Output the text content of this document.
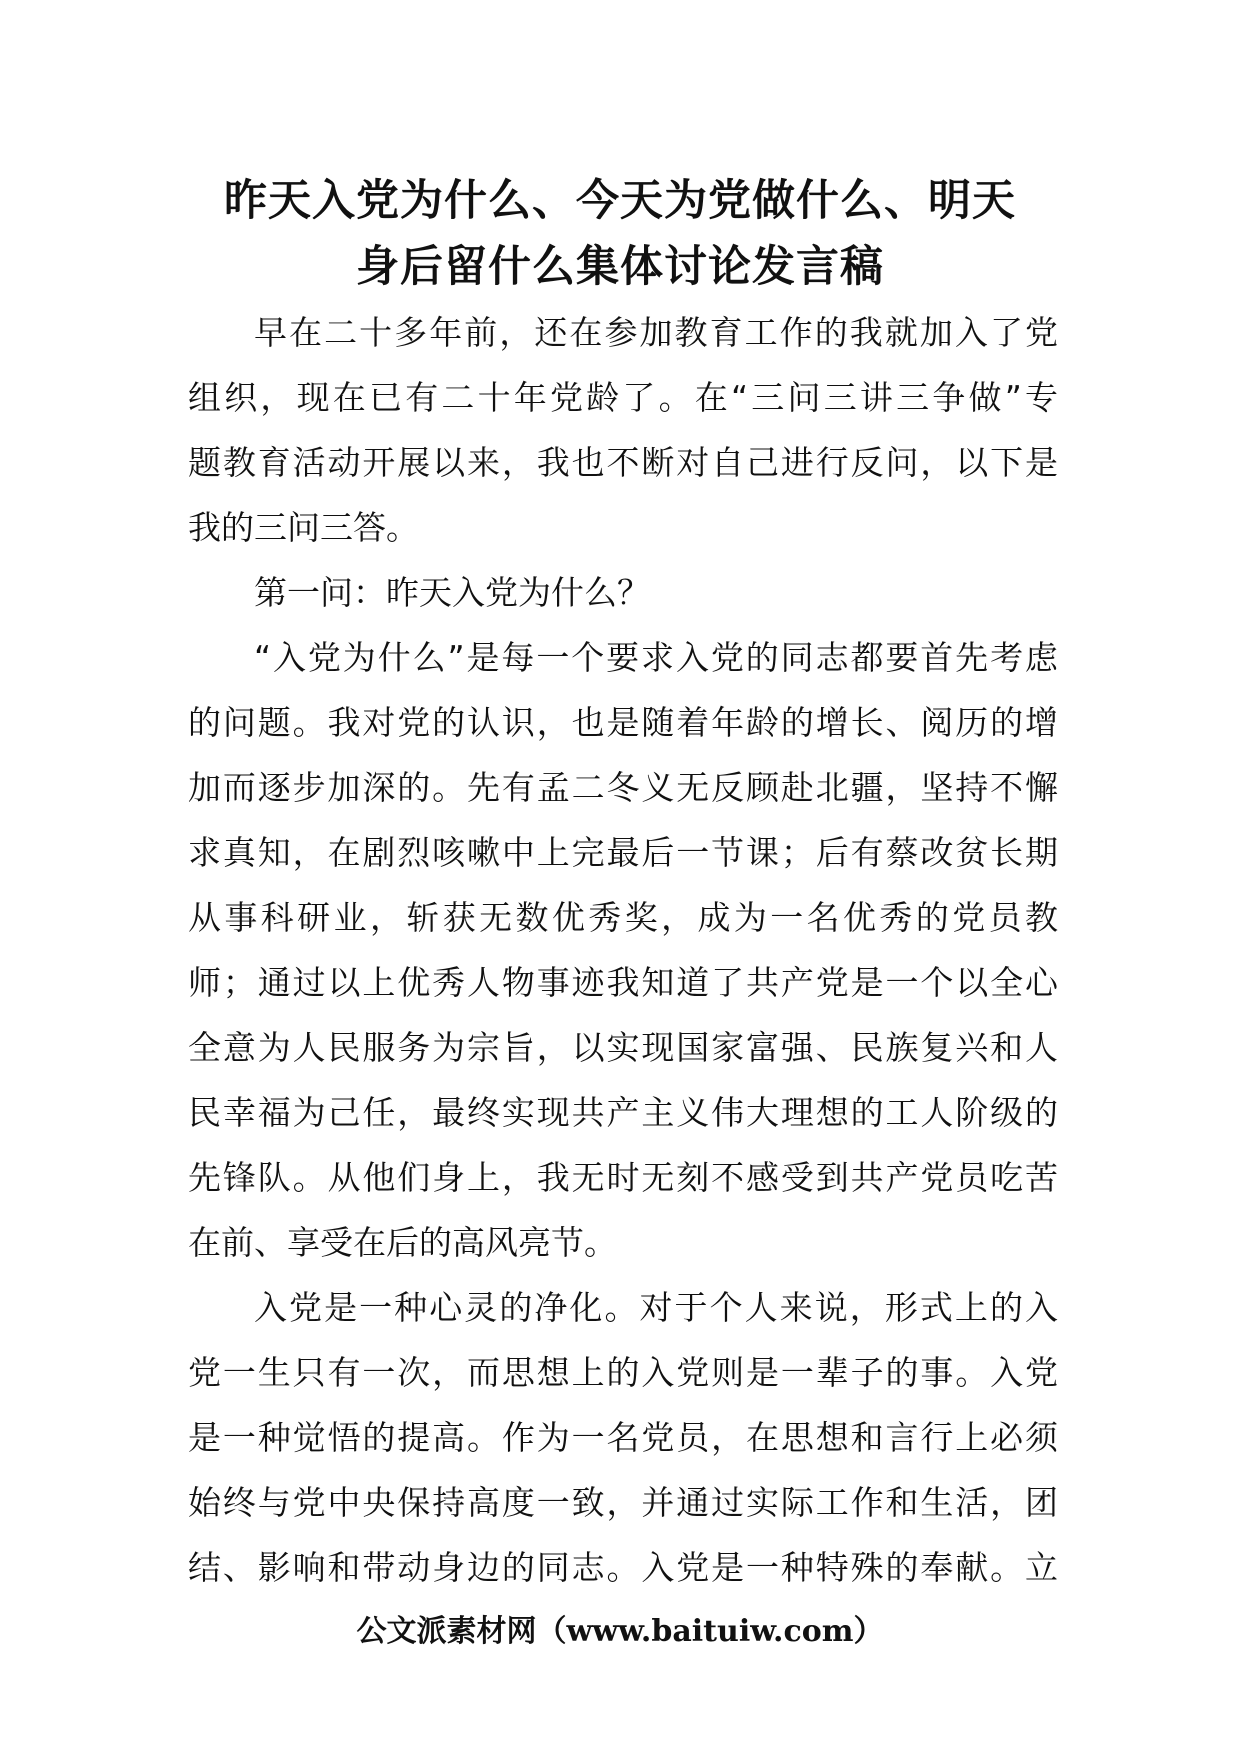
昨天入党为什么、今天为党做什么、明天
身后留什么集体讨论发言稿

早在二十多年前，还在参加教育工作的我就加入了党
组织，现在已有二十年党龄了。在“三问三讲三争做”专
题教育活动开展以来，我也不断对自己进行反问，以下是
我的三问三答。

第一问：昨天入党为什么？

“入党为什么”是每一个要求入党的同志都要首先考虑
的问题。我对党的认识，也是随着年龄的增长、阅历的增
加而逐步加深的。先有孟二冬义无反顾赴北疆，坚持不懈
求真知，在剧烈咳嗽中上完最后一节课；后有蔡改贫长期
从事科研业，斩获无数优秀奖，成为一名优秀的党员教
师；通过以上优秀人物事迹我知道了共产党是一个以全心
全意为人民服务为宗旨，以实现国家富强、民族复兴和人
民幸福为己任，最终实现共产主义伟大理想的工人阶级的
先锋队。从他们身上，我无时无刻不感受到共产党员吃苦
在前、享受在后的高风亮节。

入党是一种心灵的净化。对于个人来说，形式上的入
党一生只有一次，而思想上的入党则是一辈子的事。入党
是一种觉悟的提高。作为一名党员，在思想和言行上必须
始终与党中央保持高度一致，并通过实际工作和生活，团
结、影响和带动身边的同志。入党是一种特殊的奉献。立

公文派素材网（www.baituiw.com）
